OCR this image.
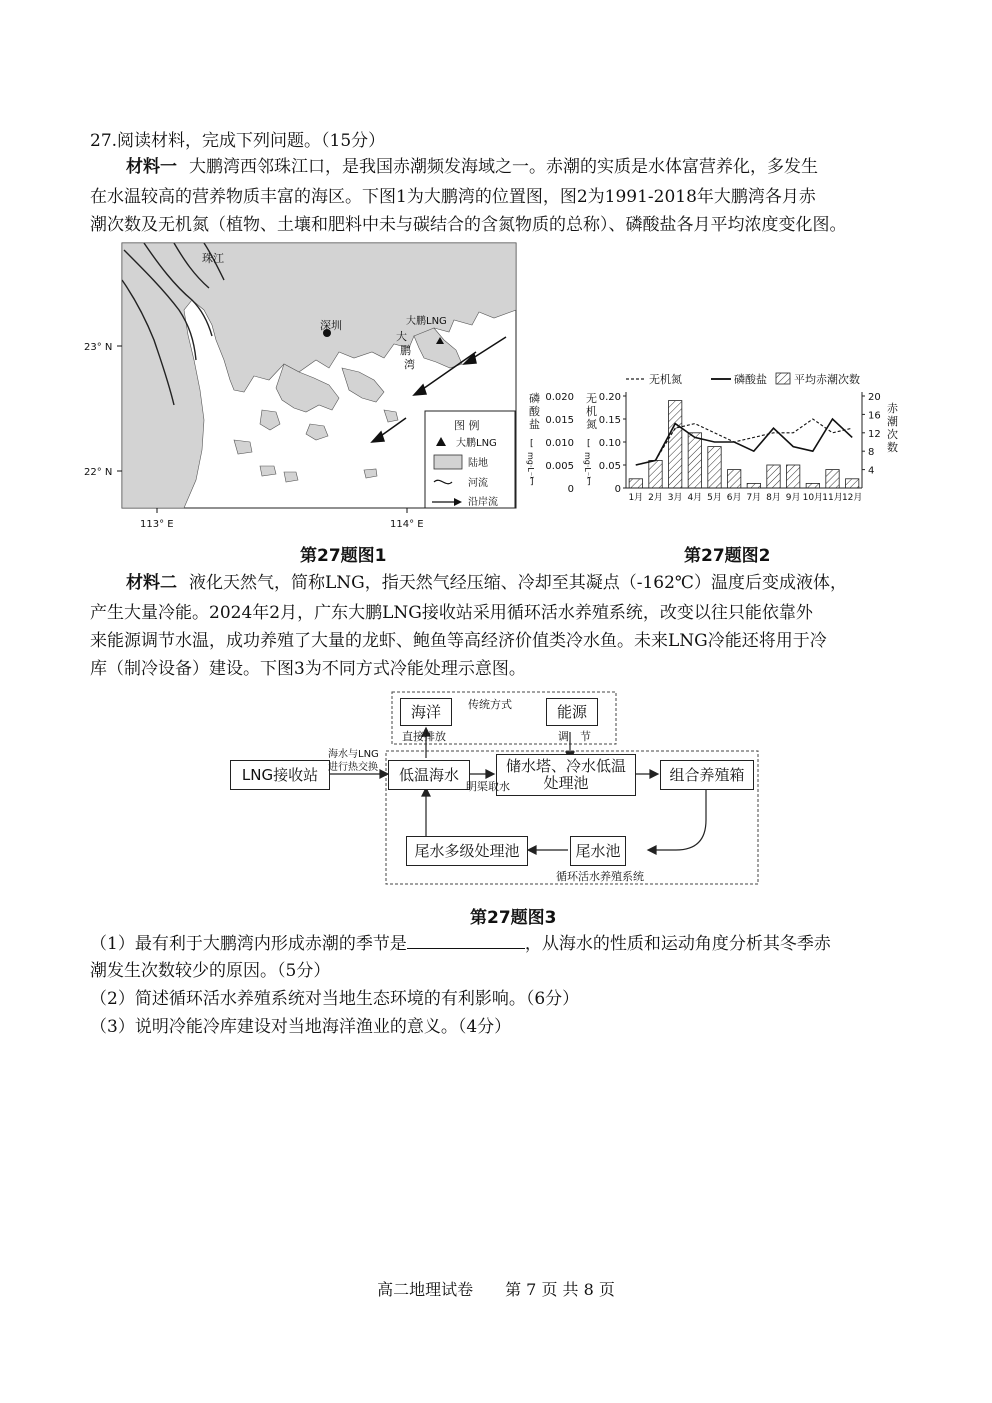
27.阅读材料，完成下列问题。（15分）
材料一 大鹏湾西邻珠江口，是我国赤潮频发海域之一。赤潮的实质是水体富营养化，多发生
在水温较高的营养物质丰富的海区。下图1为大鹏湾的位置图，图2为1991-2018年大鹏湾各月赤
潮次数及无机氮（植物、土壤和肥料中未与碳结合的含氮物质的总称）、磷酸盐各月平均浓度变化图。
珠江
深圳	大鹏LNG
大
鹏
湾
23° N
22° N
113° E	114° E
图 例
大鹏LNG
陆地
河流
沿岸流
无机氮	磷酸盐 平均赤潮次数
磷
酸
盐
[
mg·L⁻¹
]
无
机
氮
[
mg·L⁻¹
]
赤
潮
次
数
0
0.005
0.010
0.015
0.020
0
0.05
0.10
0.15
0.20
4
8
12
16
20
1月 2月 3月 4月 5月 6月 7月 8月 9月 10月 11月 12月
第27题图1	第27题图2
材料二 液化天然气，简称LNG，指天然气经压缩、冷却至其凝点（-162℃）温度后变成液体，
产生大量冷能。2024年2月，广东大鹏LNG接收站采用循环活水养殖系统，改变以往只能依靠外
来能源调节水温，成功养殖了大量的龙虾、鲍鱼等高经济价值类冷水鱼。未来LNG冷能还将用于冷
库（制冷设备）建设。下图3为不同方式冷能处理示意图。
LNG接收站	低温海水	储水塔、冷水低温处理池	组合养殖箱
尾水池
尾水多级处理池
海洋	能源
海水与LNG进行热交换
明渠取水
传统方式
直接排放	调　节
循环活水养殖系统
第27题图3
（1）最有利于大鹏湾内形成赤潮的季节是	，从海水的性质和运动角度分析其冬季赤
潮发生次数较少的原因。（5分）
（2）简述循环活水养殖系统对当地生态环境的有利影响。（6分）
（3）说明冷能冷库建设对当地海洋渔业的意义。（4分）
高二地理试卷　　第 7 页 共 8 页
